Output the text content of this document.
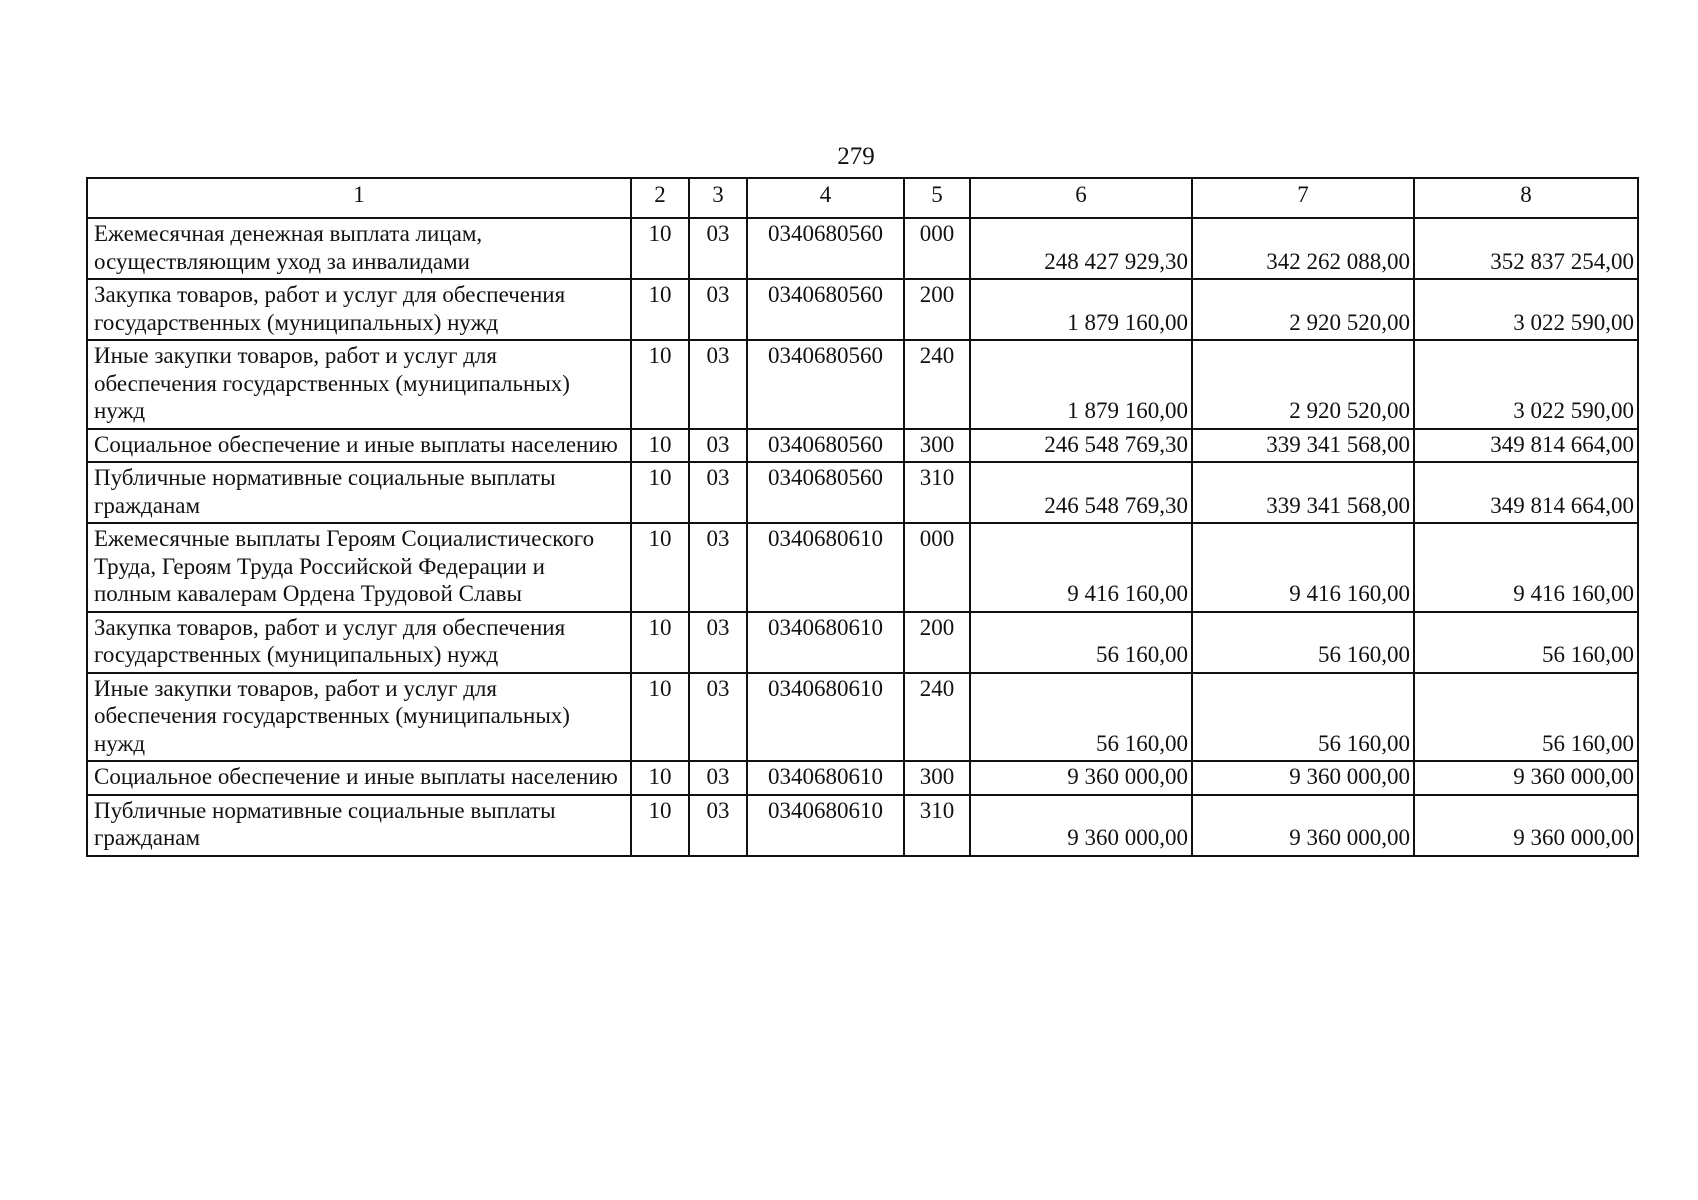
279
1	2	3	4	5	6	7	8
Ежемесячная денежная выплата лицам, осуществляющим уход за инвалидами	10	03	0340680560	000	248 427 929,30	342 262 088,00	352 837 254,00
Закупка товаров, работ и услуг для обеспечения государственных (муниципальных) нужд	10	03	0340680560	200	1 879 160,00	2 920 520,00	3 022 590,00
Иные закупки товаров, работ и услуг для обеспечения государственных (муниципальных) нужд	10	03	0340680560	240	1 879 160,00	2 920 520,00	3 022 590,00
Социальное обеспечение и иные выплаты населению	10	03	0340680560	300	246 548 769,30	339 341 568,00	349 814 664,00
Публичные нормативные социальные выплаты гражданам	10	03	0340680560	310	246 548 769,30	339 341 568,00	349 814 664,00
Ежемесячные выплаты Героям Социалистического Труда, Героям Труда Российской Федерации и полным кавалерам Ордена Трудовой Славы	10	03	0340680610	000	9 416 160,00	9 416 160,00	9 416 160,00
Закупка товаров, работ и услуг для обеспечения государственных (муниципальных) нужд	10	03	0340680610	200	56 160,00	56 160,00	56 160,00
Иные закупки товаров, работ и услуг для обеспечения государственных (муниципальных) нужд	10	03	0340680610	240	56 160,00	56 160,00	56 160,00
Социальное обеспечение и иные выплаты населению	10	03	0340680610	300	9 360 000,00	9 360 000,00	9 360 000,00
Публичные нормативные социальные выплаты гражданам	10	03	0340680610	310	9 360 000,00	9 360 000,00	9 360 000,00
